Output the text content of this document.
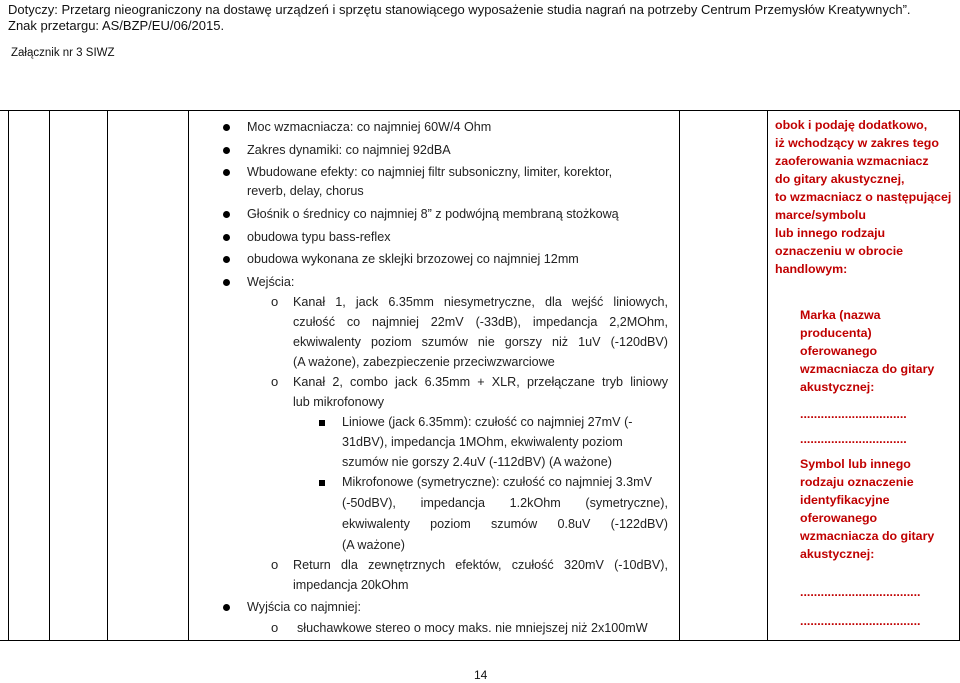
Dotyczy: Przetarg nieograniczony na dostawę urządzeń i sprzętu stanowiącego wyposażenie studia nagrań na potrzeby Centrum Przemysłów Kreatywnych”.
Znak przetargu: AS/BZP/EU/06/2015.
Załącznik nr 3 SIWZ
Moc wzmacniacza: co najmniej 60W/4 Ohm
Zakres dynamiki: co najmniej 92dBA
Wbudowane efekty: co najmniej filtr subsoniczny, limiter, korektor,
reverb, delay, chorus
Głośnik o średnicy co najmniej 8” z podwójną membraną stożkową
obudowa typu bass-reflex
obudowa wykonana ze sklejki brzozowej co najmniej 12mm
Wejścia:
o Kanał 1, jack 6.35mm niesymetryczne, dla wejść liniowych,
czułość co najmniej 22mV (-33dB), impedancja 2,2MOhm,
ekwiwalenty poziom szumów nie gorszy niż 1uV (-120dBV)
(A ważone), zabezpieczenie przeciwzwarciowe
o Kanał 2, combo jack 6.35mm + XLR, przełączane tryb liniowy
lub mikrofonowy
Liniowe (jack 6.35mm): czułość co najmniej 27mV (-
31dBV), impedancja 1MOhm, ekwiwalenty poziom
szumów nie gorszy 2.4uV (-112dBV) (A ważone)
Mikrofonowe (symetryczne): czułość co najmniej 3.3mV
(-50dBV), impedancja 1.2kOhm (symetryczne),
ekwiwalenty poziom szumów 0.8uV (-122dBV)
(A ważone)
o Return dla zewnętrznych efektów, czułość 320mV (-10dBV),
impedancja 20kOhm
Wyjścia co najmniej:
o słuchawkowe stereo o mocy maks. nie mniejszej niż 2x100mW
obok i podaję dodatkowo,
iż wchodzący w zakres tego
zaoferowania wzmacniacz
do gitary akustycznej,
to wzmacniacz o następującej
marce/symbolu
lub innego rodzaju
oznaczeniu w obrocie
handlowym:
Marka (nazwa
producenta)
oferowanego
wzmacniacza do gitary
akustycznej:
...............................
...............................
Symbol lub innego
rodzaju oznaczenie
identyfikacyjne
oferowanego
wzmacniacza do gitary
akustycznej:
...................................
...................................
14
